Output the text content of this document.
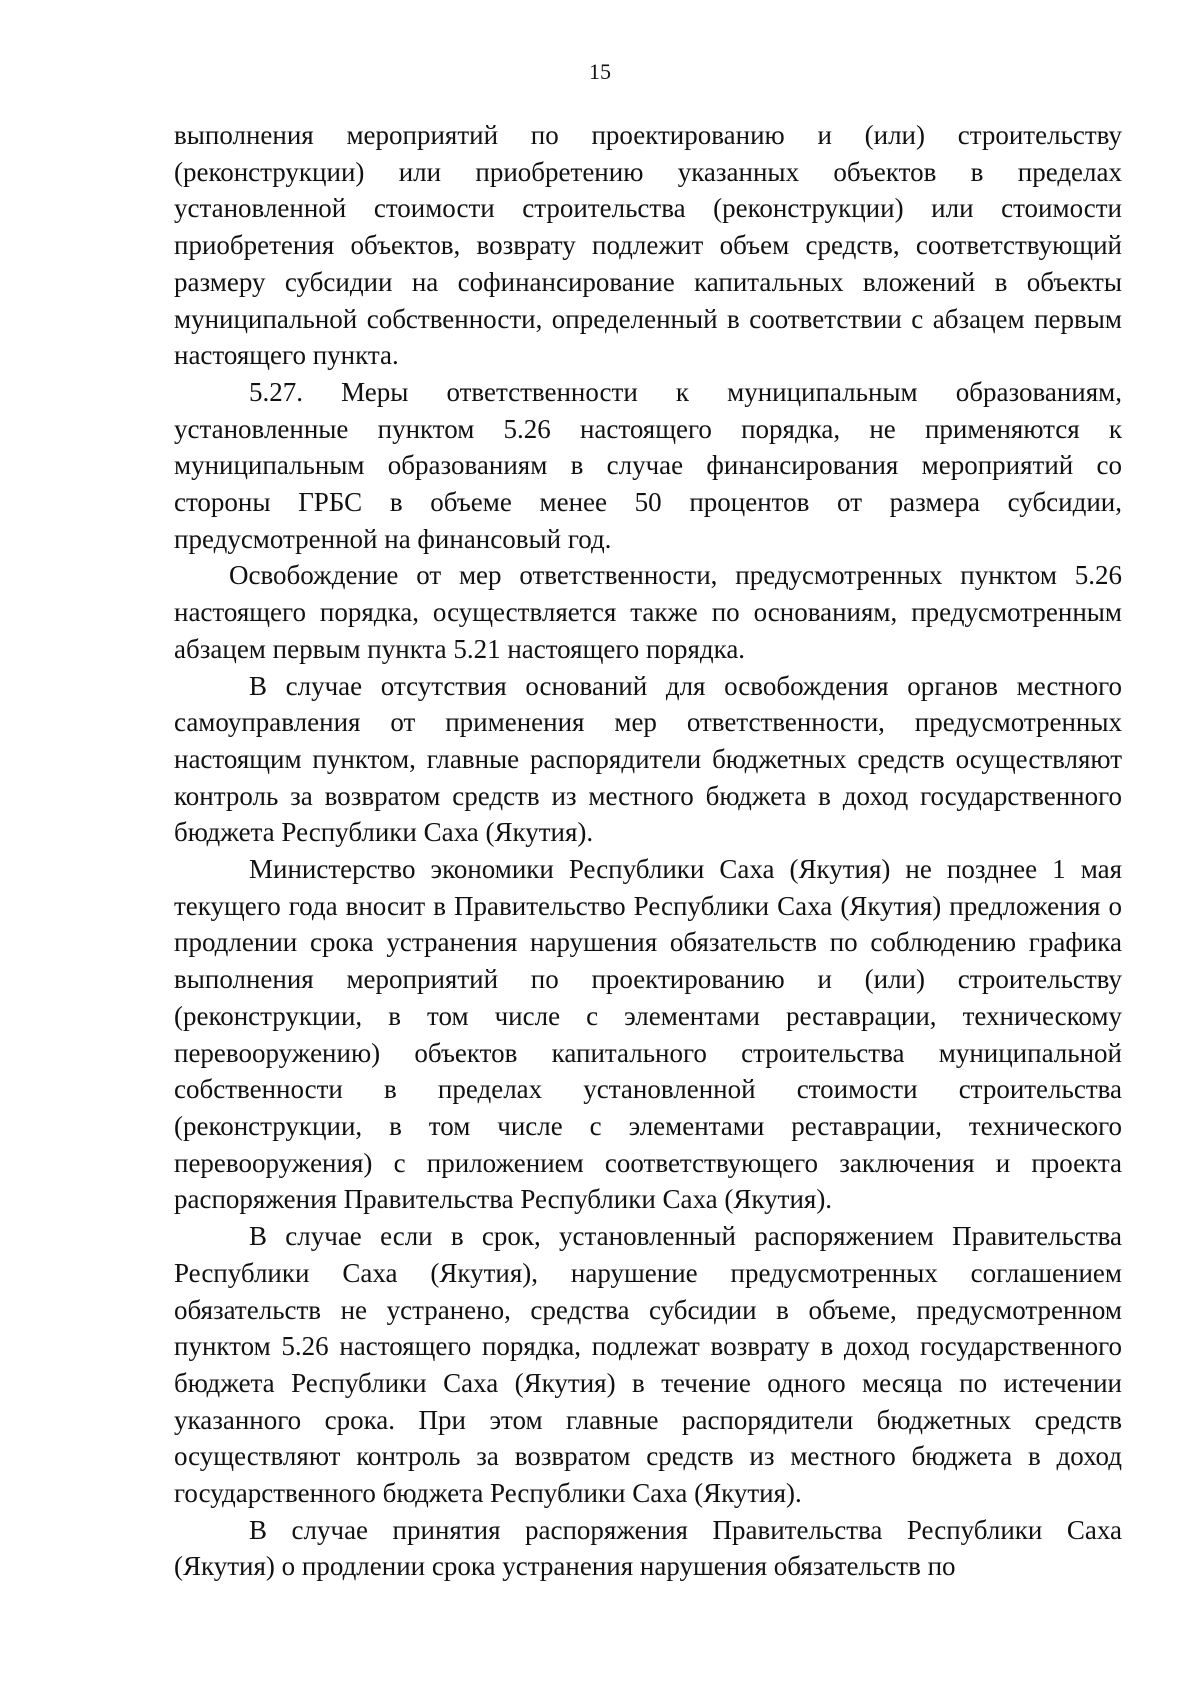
15

выполнения мероприятий по проектированию и (или) строительству (реконструкции) или приобретению указанных объектов в пределах установленной стоимости строительства (реконструкции) или стоимости приобретения объектов, возврату подлежит объем средств, соответствующий размеру субсидии на софинансирование капитальных вложений в объекты муниципальной собственности, определенный в соответствии с абзацем первым настоящего пункта.

5.27. Меры ответственности к муниципальным образованиям, установленные пунктом 5.26 настоящего порядка, не применяются к муниципальным образованиям в случае финансирования мероприятий со стороны ГРБС в объеме менее 50 процентов от размера субсидии, предусмотренной на финансовый год.

Освобождение от мер ответственности, предусмотренных пунктом 5.26 настоящего порядка, осуществляется также по основаниям, предусмотренным абзацем первым пункта 5.21 настоящего порядка.

В случае отсутствия оснований для освобождения органов местного самоуправления от применения мер ответственности, предусмотренных настоящим пунктом, главные распорядители бюджетных средств осуществляют контроль за возвратом средств из местного бюджета в доход государственного бюджета Республики Саха (Якутия).

Министерство экономики Республики Саха (Якутия) не позднее 1 мая текущего года вносит в Правительство Республики Саха (Якутия) предложения о продлении срока устранения нарушения обязательств по соблюдению графика выполнения мероприятий по проектированию и (или) строительству (реконструкции, в том числе с элементами реставрации, техническому перевооружению) объектов капитального строительства муниципальной собственности в пределах установленной стоимости строительства (реконструкции, в том числе с элементами реставрации, технического перевооружения) с приложением соответствующего заключения и проекта распоряжения Правительства Республики Саха (Якутия).

В случае если в срок, установленный распоряжением Правительства Республики Саха (Якутия), нарушение предусмотренных соглашением обязательств не устранено, средства субсидии в объеме, предусмотренном пунктом 5.26 настоящего порядка, подлежат возврату в доход государственного бюджета Республики Саха (Якутия) в течение одного месяца по истечении указанного срока. При этом главные распорядители бюджетных средств осуществляют контроль за возвратом средств из местного бюджета в доход государственного бюджета Республики Саха (Якутия).

В случае принятия распоряжения Правительства Республики Саха (Якутия) о продлении срока устранения нарушения обязательств по
